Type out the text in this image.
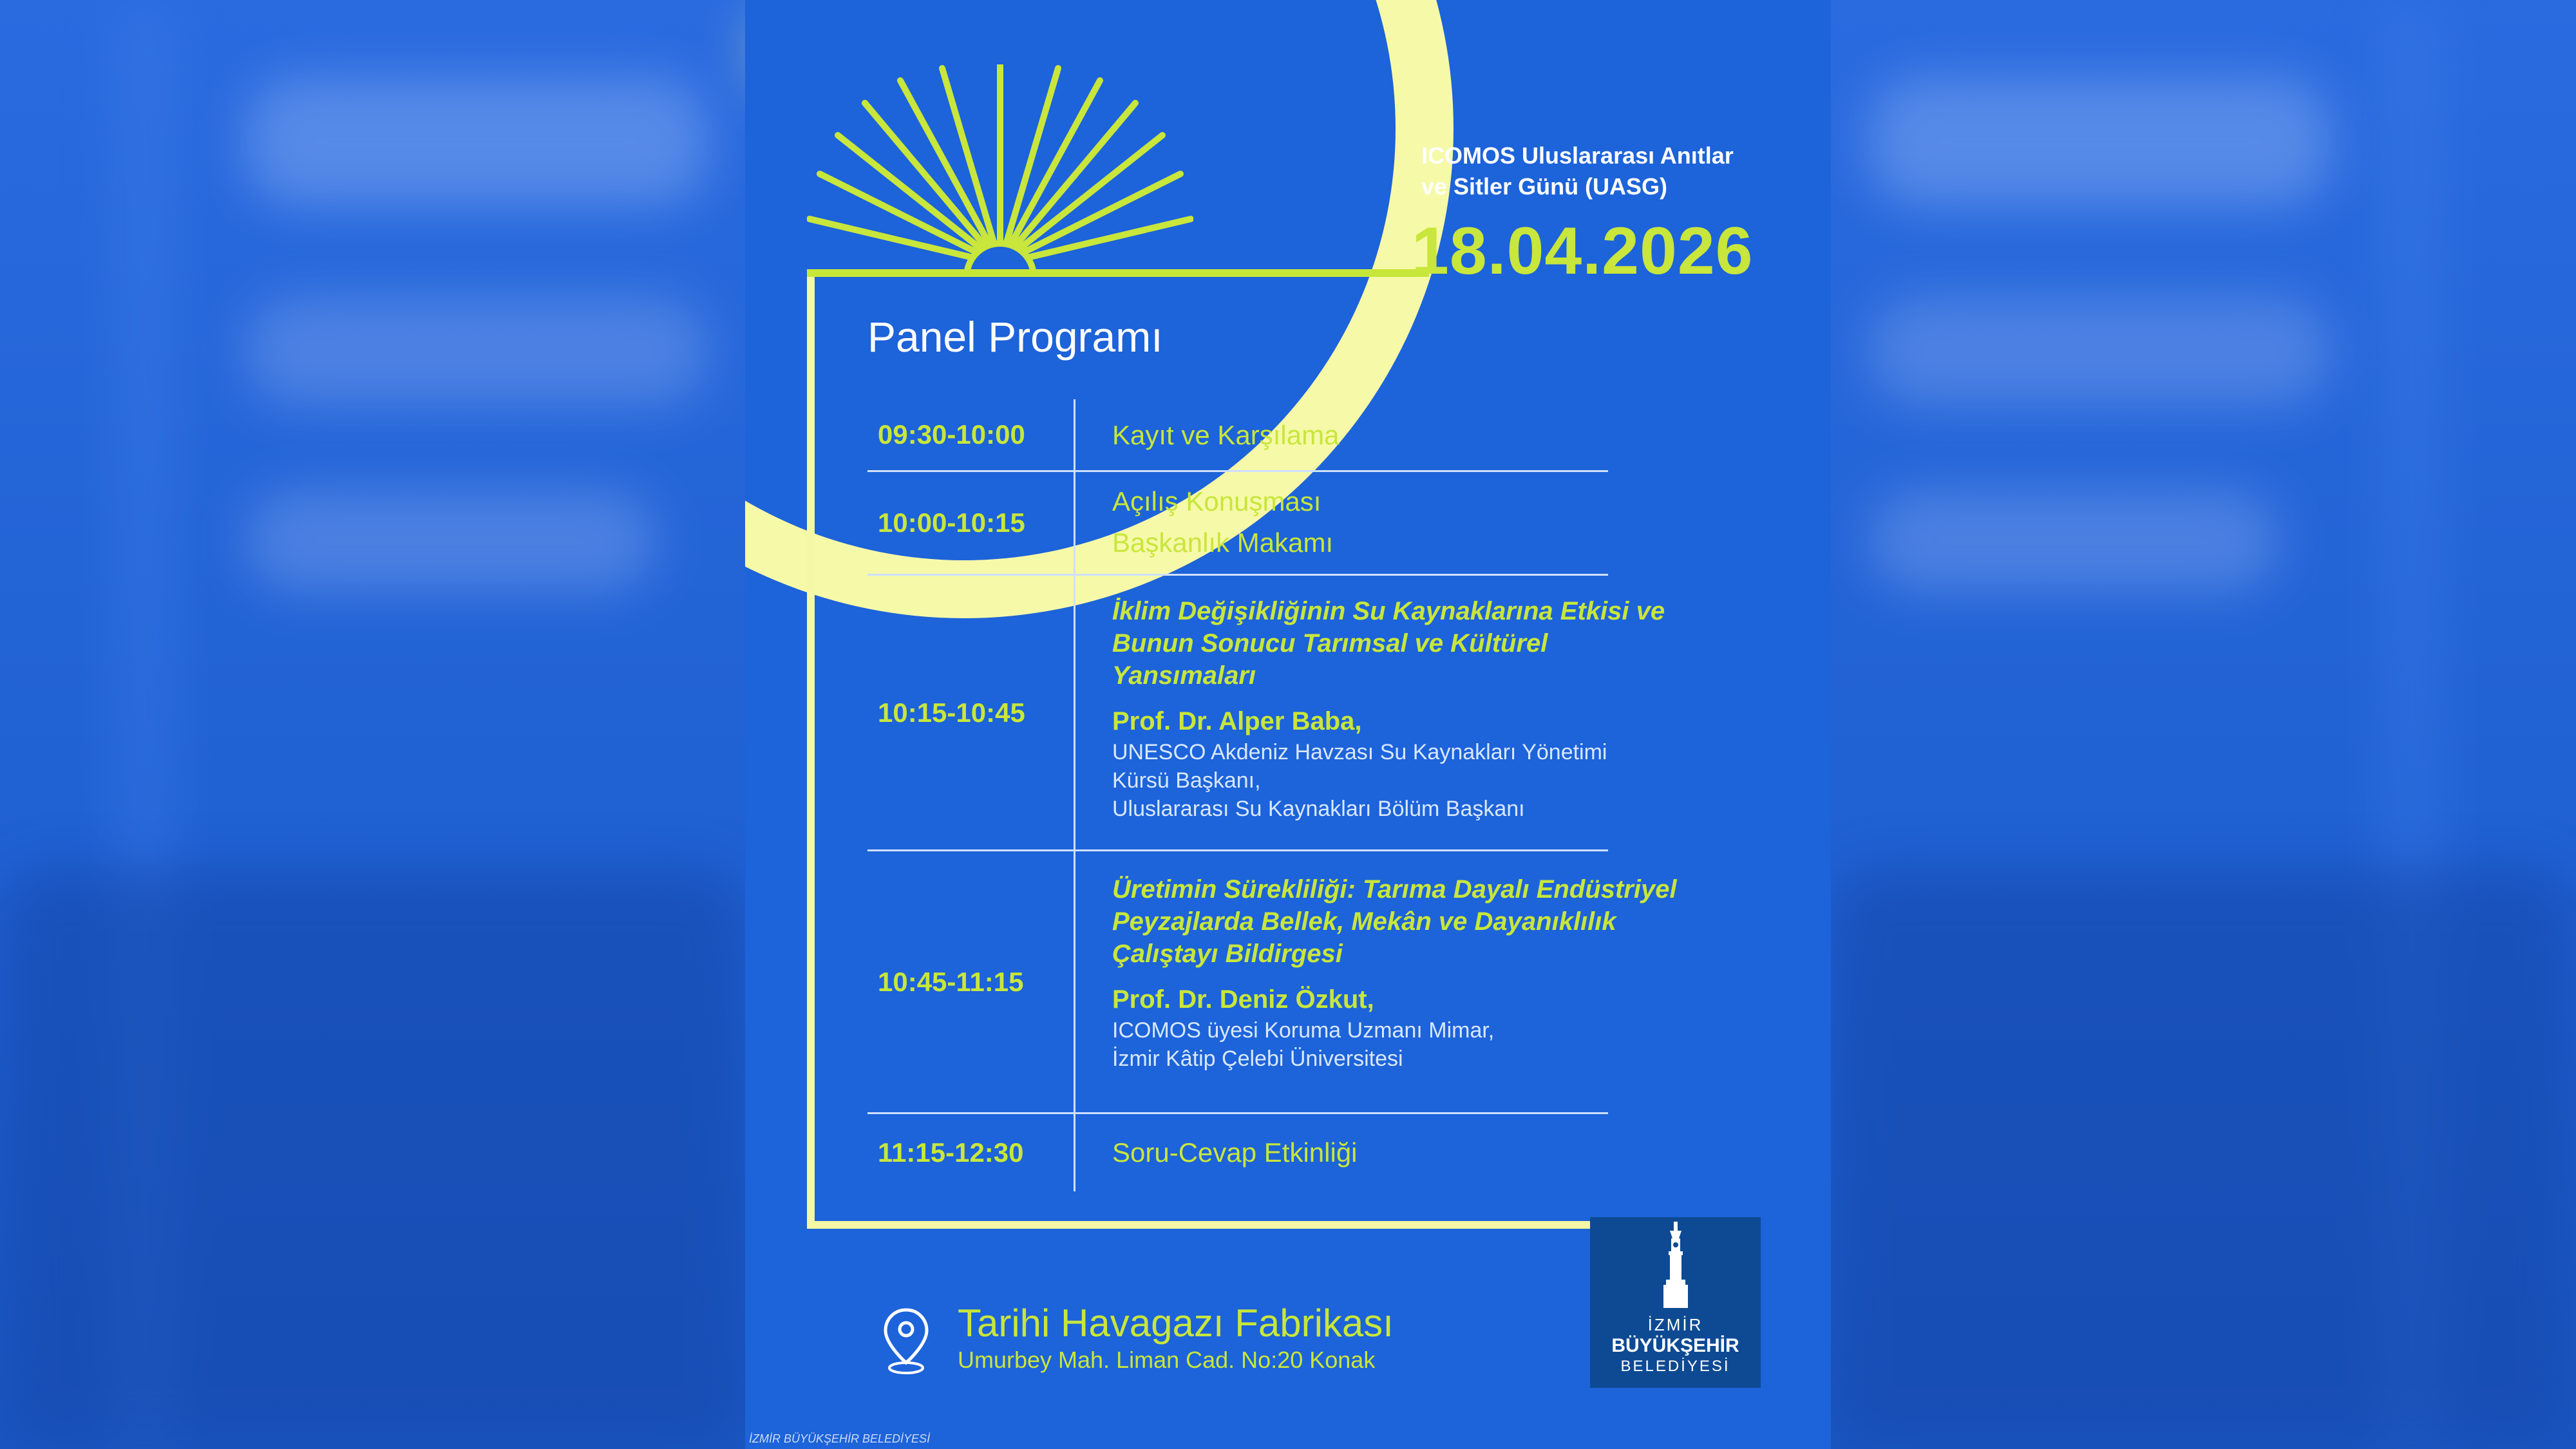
ICOMOS Uluslararası Anıtlar
ve Sitler Günü (UASG)
18.04.2026
Panel Programı
09:30-10:00	Kayıt ve Karşılama
10:00-10:15
Açılış Konuşması
Başkanlık Makamı
10:15-10:45
İklim Değişikliğinin Su Kaynaklarına Etkisi ve
Bunun Sonucu Tarımsal ve Kültürel
Yansımaları
Prof. Dr. Alper Baba,
UNESCO Akdeniz Havzası Su Kaynakları Yönetimi
Kürsü Başkanı,
Uluslararası Su Kaynakları Bölüm Başkanı
10:45-11:15
Üretimin Sürekliliği: Tarıma Dayalı Endüstriyel
Peyzajlarda Bellek, Mekân ve Dayanıklılık
Çalıştayı Bildirgesi
Prof. Dr. Deniz Özkut,
ICOMOS üyesi Koruma Uzmanı Mimar,
İzmir Kâtip Çelebi Üniversitesi
11:15-12:30	Soru-Cevap Etkinliği
Tarihi Havagazı Fabrikası
Umurbey Mah. Liman Cad. No:20 Konak
İZMİR
BÜYÜKŞEHİR
BELEDİYESİ
İZMİR BÜYÜKŞEHİR BELEDİYESİ
